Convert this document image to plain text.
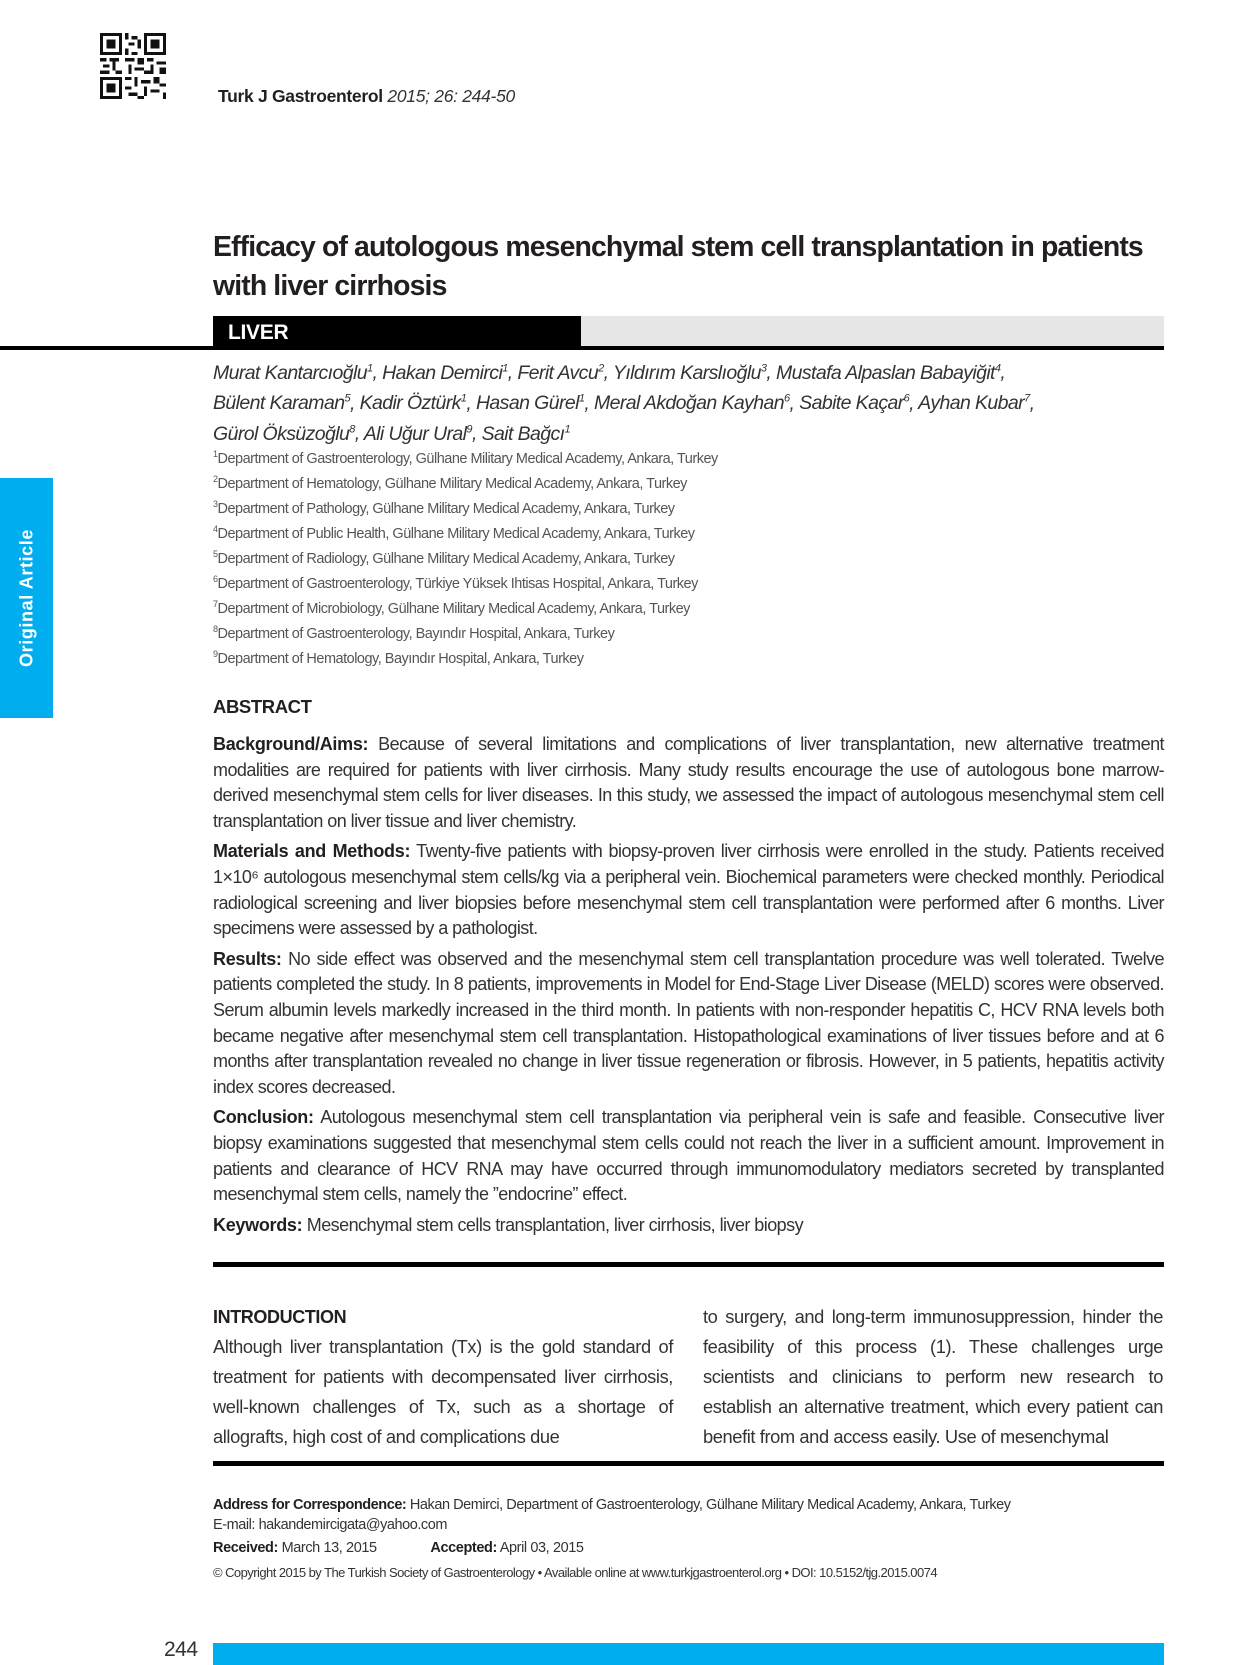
Turk J Gastroenterol 2015; 26: 244-50
Original Article
Efficacy of autologous mesenchymal stem cell transplantation in patients with liver cirrhosis
LIVER
Murat Kantarcıoğlu$^1$, Hakan Demirci$^1$, Ferit Avcu$^2$, Yıldırım Karslıoğlu$^3$, Mustafa Alpaslan Babayiğit$^4$,
Bülent Karaman$^5$, Kadir Öztürk$^1$, Hasan Gürel$^1$, Meral Akdoğan Kayhan$^6$, Sabite Kaçar$^6$, Ayhan Kubar$^7$,
Gürol Öksüzoğlu$^8$, Ali Uğur Ural$^9$, Sait Bağcı$^1$
$^1$Department of Gastroenterology, Gülhane Military Medical Academy, Ankara, Turkey
$^2$Department of Hematology, Gülhane Military Medical Academy, Ankara, Turkey
$^3$Department of Pathology, Gülhane Military Medical Academy, Ankara, Turkey
$^4$Department of Public Health, Gülhane Military Medical Academy, Ankara, Turkey
$^5$Department of Radiology, Gülhane Military Medical Academy, Ankara, Turkey
$^6$Department of Gastroenterology, Türkiye Yüksek Ihtisas Hospital, Ankara, Turkey
$^7$Department of Microbiology, Gülhane Military Medical Academy, Ankara, Turkey
$^8$Department of Gastroenterology, Bayındır Hospital, Ankara, Turkey
$^9$Department of Hematology, Bayındır Hospital, Ankara, Turkey
ABSTRACT

Background/Aims: Because of several limitations and complications of liver transplantation, new alternative treatment modalities are required for patients with liver cirrhosis. Many study results encourage the use of autologous bone marrow-derived mesenchymal stem cells for liver diseases. In this study, we assessed the impact of autologous mesenchymal stem cell transplantation on liver tissue and liver chemistry.

Materials and Methods: Twenty-five patients with biopsy-proven liver cirrhosis were enrolled in the study. Patients received 1×10⁶ autologous mesenchymal stem cells/kg via a peripheral vein. Biochemical parameters were checked monthly. Periodical radiological screening and liver biopsies before mesenchymal stem cell transplantation were performed after 6 months. Liver specimens were assessed by a pathologist.

Results: No side effect was observed and the mesenchymal stem cell transplantation procedure was well tolerated. Twelve patients completed the study. In 8 patients, improvements in Model for End-Stage Liver Disease (MELD) scores were observed. Serum albumin levels markedly increased in the third month. In patients with non-responder hepatitis C, HCV RNA levels both became negative after mesenchymal stem cell transplantation. Histopathological examinations of liver tissues before and at 6 months after transplantation revealed no change in liver tissue regeneration or fibrosis. However, in 5 patients, hepatitis activity index scores decreased.

Conclusion: Autologous mesenchymal stem cell transplantation via peripheral vein is safe and feasible. Consecutive liver biopsy examinations suggested that mesenchymal stem cells could not reach the liver in a sufficient amount. Improvement in patients and clearance of HCV RNA may have occurred through immunomodulatory mediators secreted by transplanted mesenchymal stem cells, namely the ”endocrine” effect.

Keywords: Mesenchymal stem cells transplantation, liver cirrhosis, liver biopsy

INTRODUCTION
Although liver transplantation (Tx) is the gold standard of treatment for patients with decompensated liver cirrhosis, well-known challenges of Tx, such as a shortage of allografts, high cost of and complications due
to surgery, and long-term immunosuppression, hinder the feasibility of this process (1). These challenges urge scientists and clinicians to perform new research to establish an alternative treatment, which every patient can benefit from and access easily. Use of mesenchymal
Address for Correspondence: Hakan Demirci, Department of Gastroenterology, Gülhane Military Medical Academy, Ankara, Turkey
E-mail: hakandemircigata@yahoo.com
Received: March 13, 2015	Accepted: April 03, 2015
© Copyright 2015 by The Turkish Society of Gastroenterology • Available online at www.turkjgastroenterol.org • DOI: 10.5152/tjg.2015.0074
244
